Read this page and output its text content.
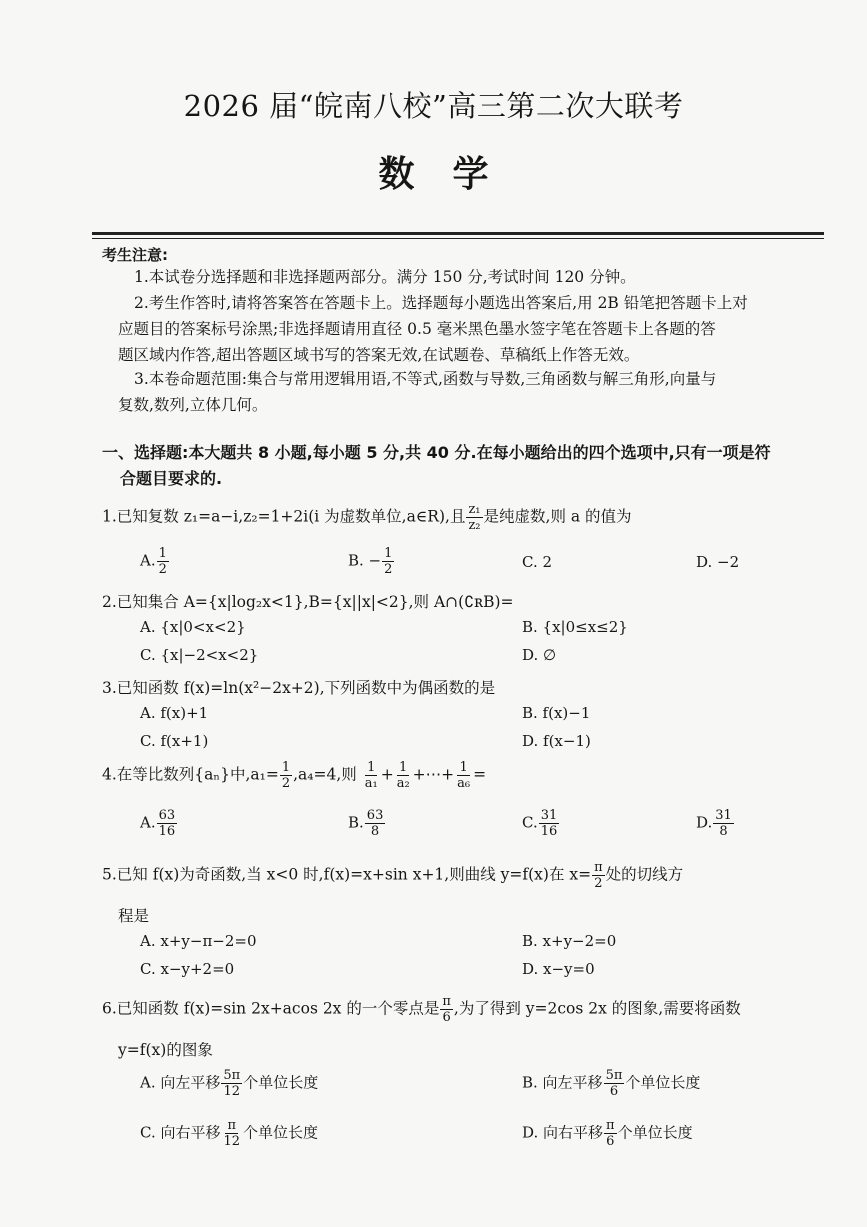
2026 届“皖南八校”高三第二次大联考
数学
考生注意:
1.本试卷分选择题和非选择题两部分。满分 150 分,考试时间 120 分钟。
2.考生作答时,请将答案答在答题卡上。选择题每小题选出答案后,用 2B 铅笔把答题卡上对
应题目的答案标号涂黑;非选择题请用直径 0.5 毫米黑色墨水签字笔在答题卡上各题的答
题区域内作答,超出答题区域书写的答案无效,在试题卷、草稿纸上作答无效。
3.本卷命题范围:集合与常用逻辑用语,不等式,函数与导数,三角函数与解三角形,向量与
复数,数列,立体几何。
一、选择题:本大题共 8 小题,每小题 5 分,共 40 分.在每小题给出的四个选项中,只有一项是符
合题目要求的.
1.已知复数 z₁=a−i,z₂=1+2i(i 为虚数单位,a∈R),且 $\frac{\text{z₁}}{\text{z₂}}$ 是纯虚数,则 a 的值为
A. $\frac{1}{2}$	B. − $\frac{1}{2}$	C. 2	D. −2
2.已知集合 A={x|log₂x<1},B={x||x|<2},则 A∩(∁ʀB)=
A. {x|0<x<2}	B. {x|0≤x≤2}
C. {x|−2<x<2}	D. ∅
3.已知函数 f(x)=ln(x²−2x+2),下列函数中为偶函数的是
A. f(x)+1	B. f(x)−1
C. f(x+1)	D. f(x−1)
4.在等比数列{aₙ}中$,a_1= \frac{1}{2} ,a_4=4$,则 $\frac{1}{\text{a₁}} + \frac{1}{\text{a₂}}$ +⋯+ $\frac{1}{\text{a₆}}$ =
A. $\frac{63}{16}$	B. $\frac{63}{8}$	C. $\frac{31}{16}$	D. $\frac{31}{8}$
5.已知 f(x)为奇函数,当 x<0 时,f(x)=x+sin x+1,则曲线 y=f(x)在 $x= \frac{\pi}{2}$ 处的切线方
程是
A. x+y−π−2=0	B. x+y−2=0
C. x−y+2=0	D. x−y=0
6.已知函数 f(x)=sin 2x+acos 2x 的一个零点是 $\frac{\pi}{6}$ ,为了得到 y=2cos 2x 的图象,需要将函数
y=f(x)的图象
A. 向左平移 $\frac{5\pi}{12}$ 个单位长度	B. 向左平移 $\frac{5\pi}{6}$ 个单位长度
C. 向右平移 $\frac{\pi}{12}$ 个单位长度	D. 向右平移 $\frac{\pi}{6}$ 个单位长度
